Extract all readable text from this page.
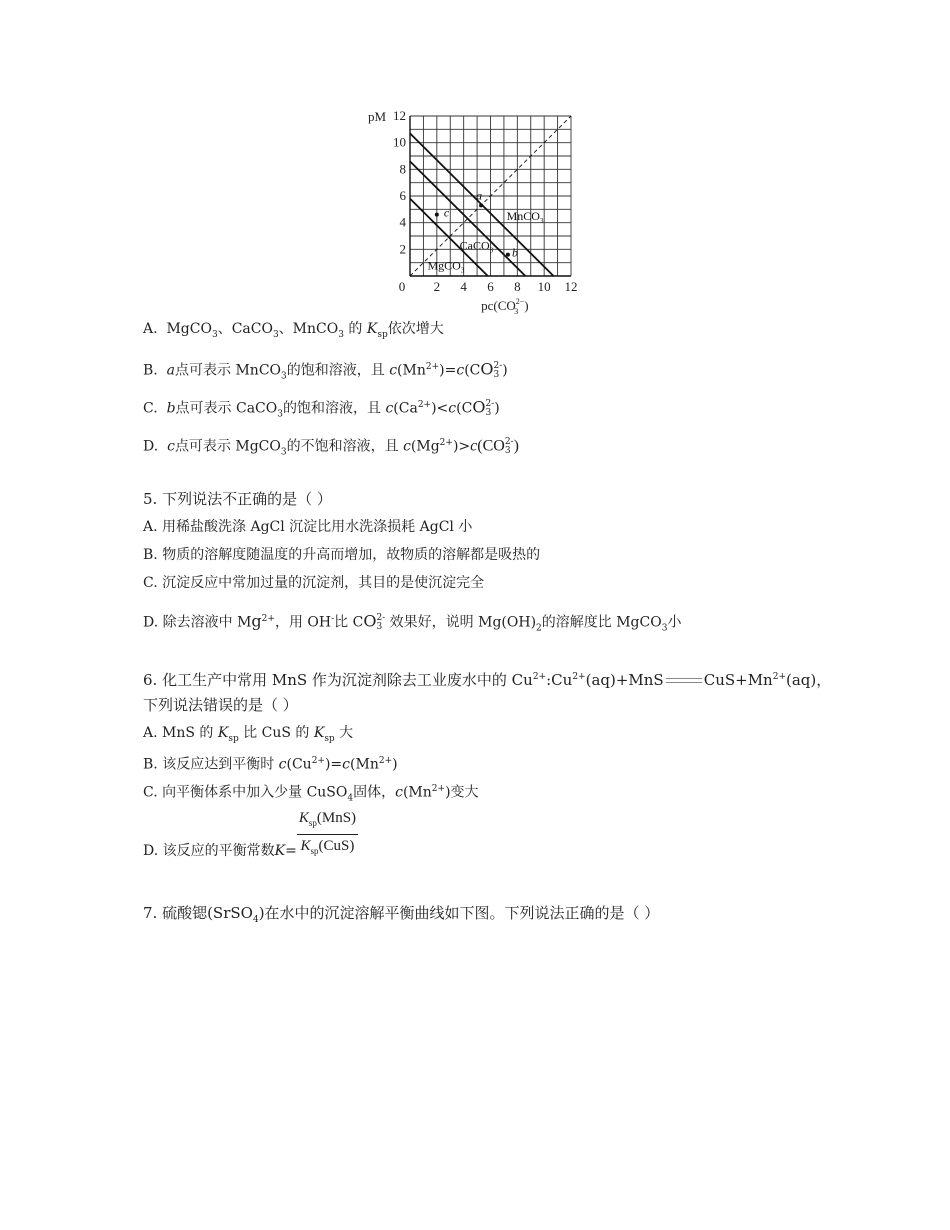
0 2 4 6 8 10 12
2
4
6
8
10
12
pM
$pc(CO^{2-}$ 3 )
MnCO$_3$
CaCO$_3$
MgCO$_3$
a
b
c
A. MgCO$_3$、CaCO$_3$、MnCO$_3$ 的 $K_{sp}$依次增大
B. a点可表示 MnCO$_3$的饱和溶液，且 $c(Mn^{2+})=c(CO$ 2-
3 )
C. b点可表示 CaCO$_3$的饱和溶液，且 $c(Ca^{2+})<c(CO$ 2-
3 )
D. c点可表示 MgCO$_3$的不饱和溶液，且 $c(Mg^{2+})>c(CO$ 2-
3 )
5. 下列说法不正确的是（ ）
A. 用稀盐酸洗涤 AgCl 沉淀比用水洗涤损耗 AgCl 小
B. 物质的溶解度随温度的升高而增加，故物质的溶解都是吸热的
C. 沉淀反应中常加过量的沉淀剂，其目的是使沉淀完全
D. 除去溶液中 $Mg^{2+}$，用 OH-比 CO 2-
3 效果好，说明 $Mg(OH)_2$的溶解度比 MgCO$_3$小
6. 化工生产中常用 MnS 作为沉淀剂除去工业废水中的 $Cu^{2+}:Cu^{2+}(aq)+MnS$	$CuS+Mn^{2+}(aq)$，
下列说法错误的是（ ）
A. MnS 的 $K_{sp}$ 比 CuS 的 $K_{sp}$ 大
B. 该反应达到平衡时 $c(Cu^{2+})=c(Mn^{2+})$
C. 向平衡体系中加入少量 CuSO$_4$固体，$c(Mn^{2+})$变大
D. 该反应的平衡常数$K= \frac{K_{sp}(MnS)}{K_{sp}(CuS)}$
7. 硫酸锶(SrSO$_4$)在水中的沉淀溶解平衡曲线如下图。下列说法正确的是（ ）
